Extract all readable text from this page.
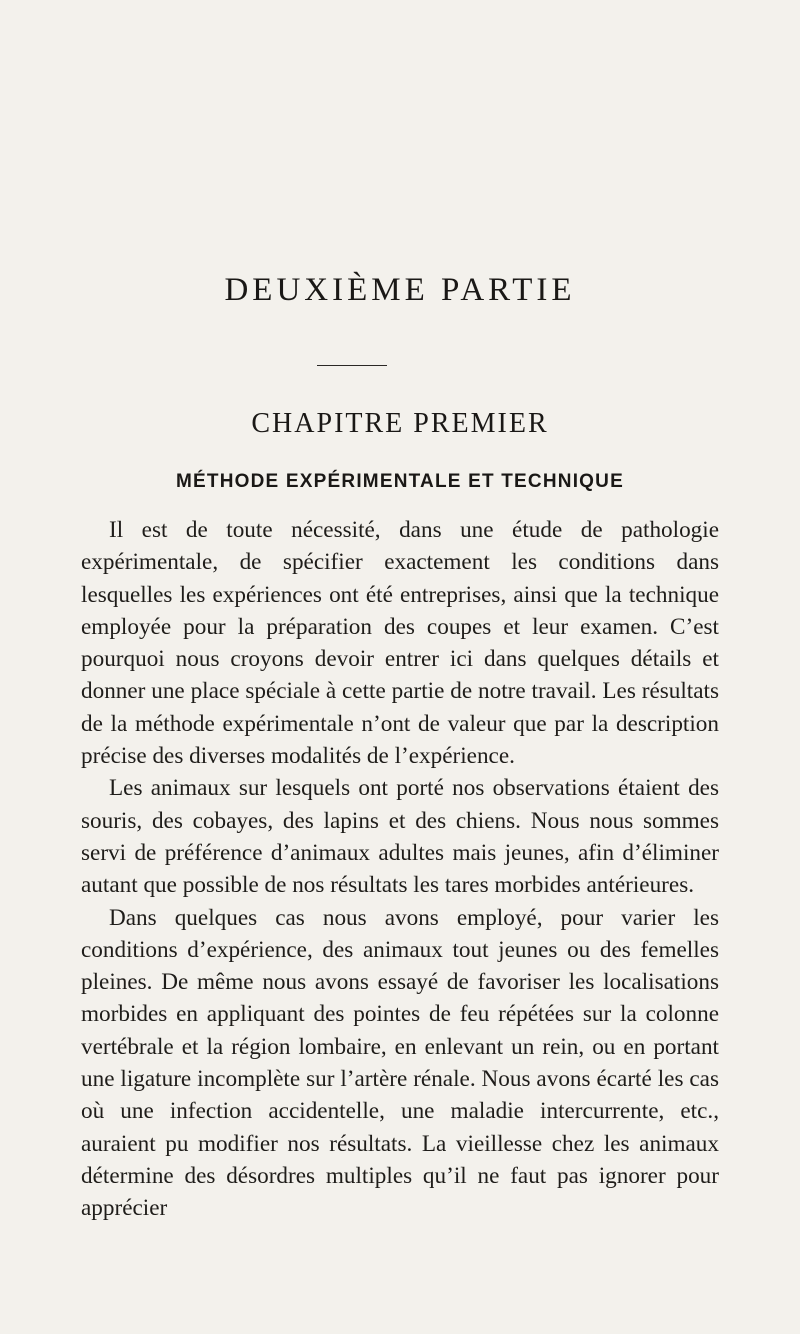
DEUXIÈME PARTIE
CHAPITRE PREMIER
MÉTHODE EXPÉRIMENTALE ET TECHNIQUE

Il est de toute nécessité, dans une étude de pathologie expérimentale, de spécifier exactement les conditions dans lesquelles les expériences ont été entreprises, ainsi que la technique employée pour la préparation des coupes et leur examen. C’est pourquoi nous croyons devoir entrer ici dans quelques détails et donner une place spéciale à cette partie de notre travail. Les résultats de la méthode expérimentale n’ont de valeur que par la description précise des diverses modalités de l’expérience.

Les animaux sur lesquels ont porté nos observations étaient des souris, des cobayes, des lapins et des chiens. Nous nous sommes servi de préférence d’animaux adultes mais jeunes, afin d’éliminer autant que possible de nos résultats les tares morbides antérieures.

Dans quelques cas nous avons employé, pour varier les conditions d’expérience, des animaux tout jeunes ou des femelles pleines. De même nous avons essayé de favoriser les localisations morbides en appliquant des pointes de feu répétées sur la colonne vertébrale et la région lombaire, en enlevant un rein, ou en portant une ligature incomplète sur l’artère rénale. Nous avons écarté les cas où une infection accidentelle, une maladie intercurrente, etc., auraient pu modifier nos résultats. La vieillesse chez les animaux détermine des désordres multiples qu’il ne faut pas ignorer pour apprécier
